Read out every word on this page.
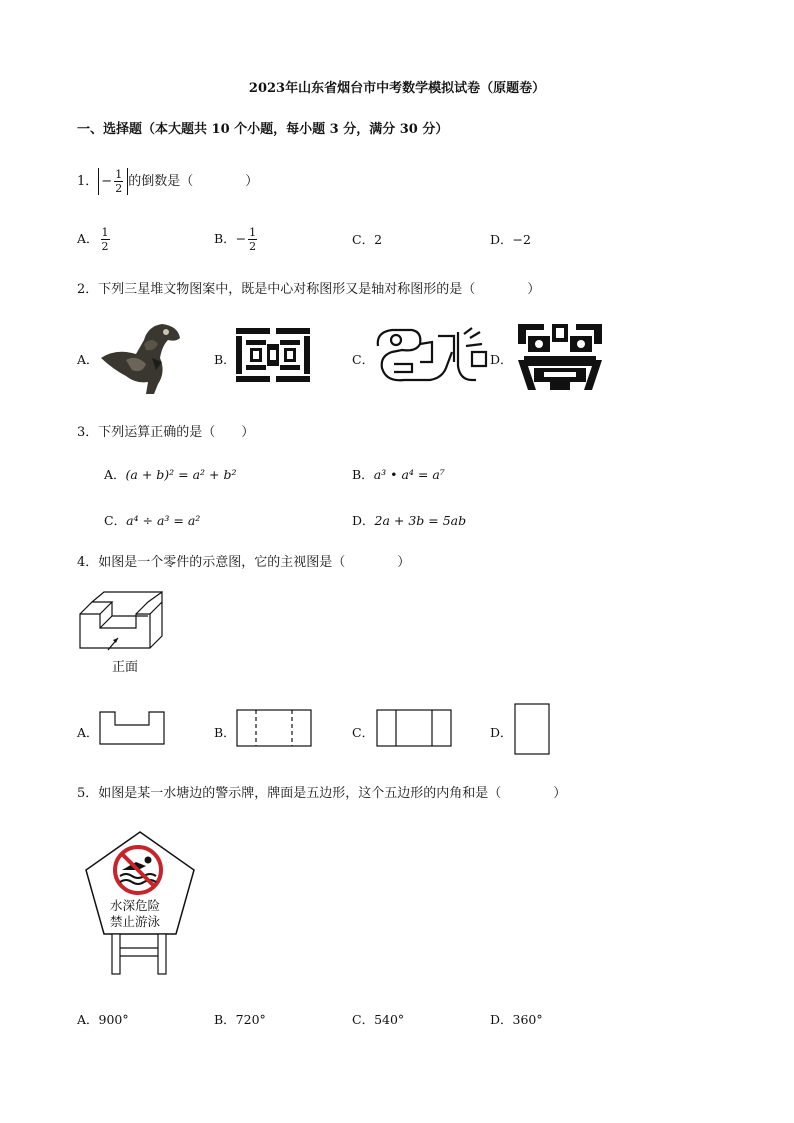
2023年山东省烟台市中考数学模拟试卷（原题卷）
一、选择题（本大题共 10 个小题，每小题 3 分，满分 30 分）
1． − $\frac{1}{2}$ 的倒数是（　　　　）
A． $\frac{1}{2}$	B．− $\frac{1}{2}$	C．2	D．−2
2．下列三星堆文物图案中，既是中心对称图形又是轴对称图形的是（　　　　）
A．	B．	C．	D．
3．下列运算正确的是（　　）
A．(a + b)² = a² + b²	B．a³ • a⁴ = a⁷
C．a⁴ ÷ a³ = a²	D．2a + 3b = 5ab
4．如图是一个零件的示意图，它的主视图是（　　　　）
正面
A．	B．	C．	D．
5．如图是某一水塘边的警示牌，牌面是五边形，这个五边形的内角和是（　　　　）
水深危险
禁止游泳
A．900°	B．720°	C．540°	D．360°
